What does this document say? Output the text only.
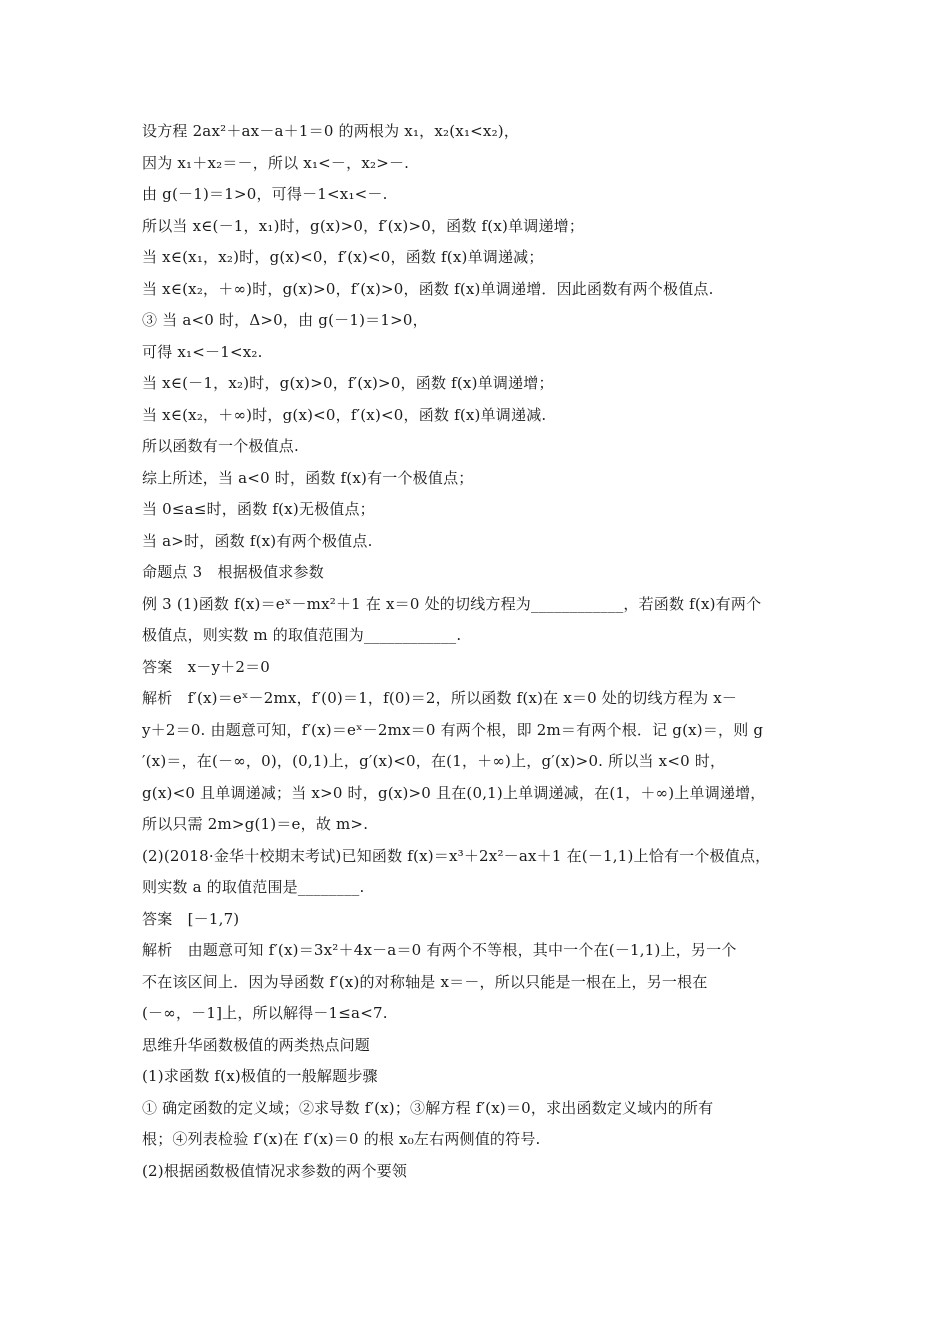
设方程 2ax²＋ax－a＋1＝0 的两根为 x₁，x₂(x₁<x₂)，
因为 x₁＋x₂＝－，所以 x₁<－，x₂>－.
由 g(－1)＝1>0，可得－1<x₁<－.
所以当 x∈(－1，x₁)时，g(x)>0，f′(x)>0，函数 f(x)单调递增；
当 x∈(x₁，x₂)时，g(x)<0，f′(x)<0，函数 f(x)单调递减；
当 x∈(x₂，＋∞)时，g(x)>0，f′(x)>0，函数 f(x)单调递增．因此函数有两个极值点.
③ 当 a<0 时，Δ>0，由 g(－1)＝1>0，
可得 x₁<－1<x₂.
当 x∈(－1，x₂)时，g(x)>0，f′(x)>0，函数 f(x)单调递增；
当 x∈(x₂，＋∞)时，g(x)<0，f′(x)<0，函数 f(x)单调递减.
所以函数有一个极值点.
综上所述，当 a<0 时，函数 f(x)有一个极值点；
当 0≤a≤时，函数 f(x)无极值点；
当 a>时，函数 f(x)有两个极值点.
命题点 3　根据极值求参数
例 3 (1)函数 f(x)＝eˣ－mx²＋1 在 x＝0 处的切线方程为____________，若函数 f(x)有两个
极值点，则实数 m 的取值范围为____________.
答案　x－y＋2＝0
解析　f′(x)＝eˣ－2mx，f′(0)＝1，f(0)＝2，所以函数 f(x)在 x＝0 处的切线方程为 x－
y＋2＝0. 由题意可知，f′(x)＝eˣ－2mx＝0 有两个根，即 2m＝有两个根．记 g(x)＝，则 g
′(x)＝，在(－∞，0)，(0,1)上，g′(x)<0，在(1，＋∞)上，g′(x)>0. 所以当 x<0 时，
g(x)<0 且单调递减；当 x>0 时，g(x)>0 且在(0,1)上单调递减，在(1，＋∞)上单调递增，
所以只需 2m>g(1)＝e，故 m>.
(2)(2018·金华十校期末考试)已知函数 f(x)＝x³＋2x²－ax＋1 在(－1,1)上恰有一个极值点，
则实数 a 的取值范围是________.
答案　[－1,7)
解析　由题意可知 f′(x)＝3x²＋4x－a＝0 有两个不等根，其中一个在(－1,1)上，另一个
不在该区间上．因为导函数 f′(x)的对称轴是 x＝－，所以只能是一根在上，另一根在
(－∞，－1]上，所以解得－1≤a<7.
思维升华函数极值的两类热点问题
(1)求函数 f(x)极值的一般解题步骤
① 确定函数的定义域；②求导数 f′(x)；③解方程 f′(x)＝0，求出函数定义域内的所有
根；④列表检验 f′(x)在 f′(x)＝0 的根 x₀左右两侧值的符号.
(2)根据函数极值情况求参数的两个要领
